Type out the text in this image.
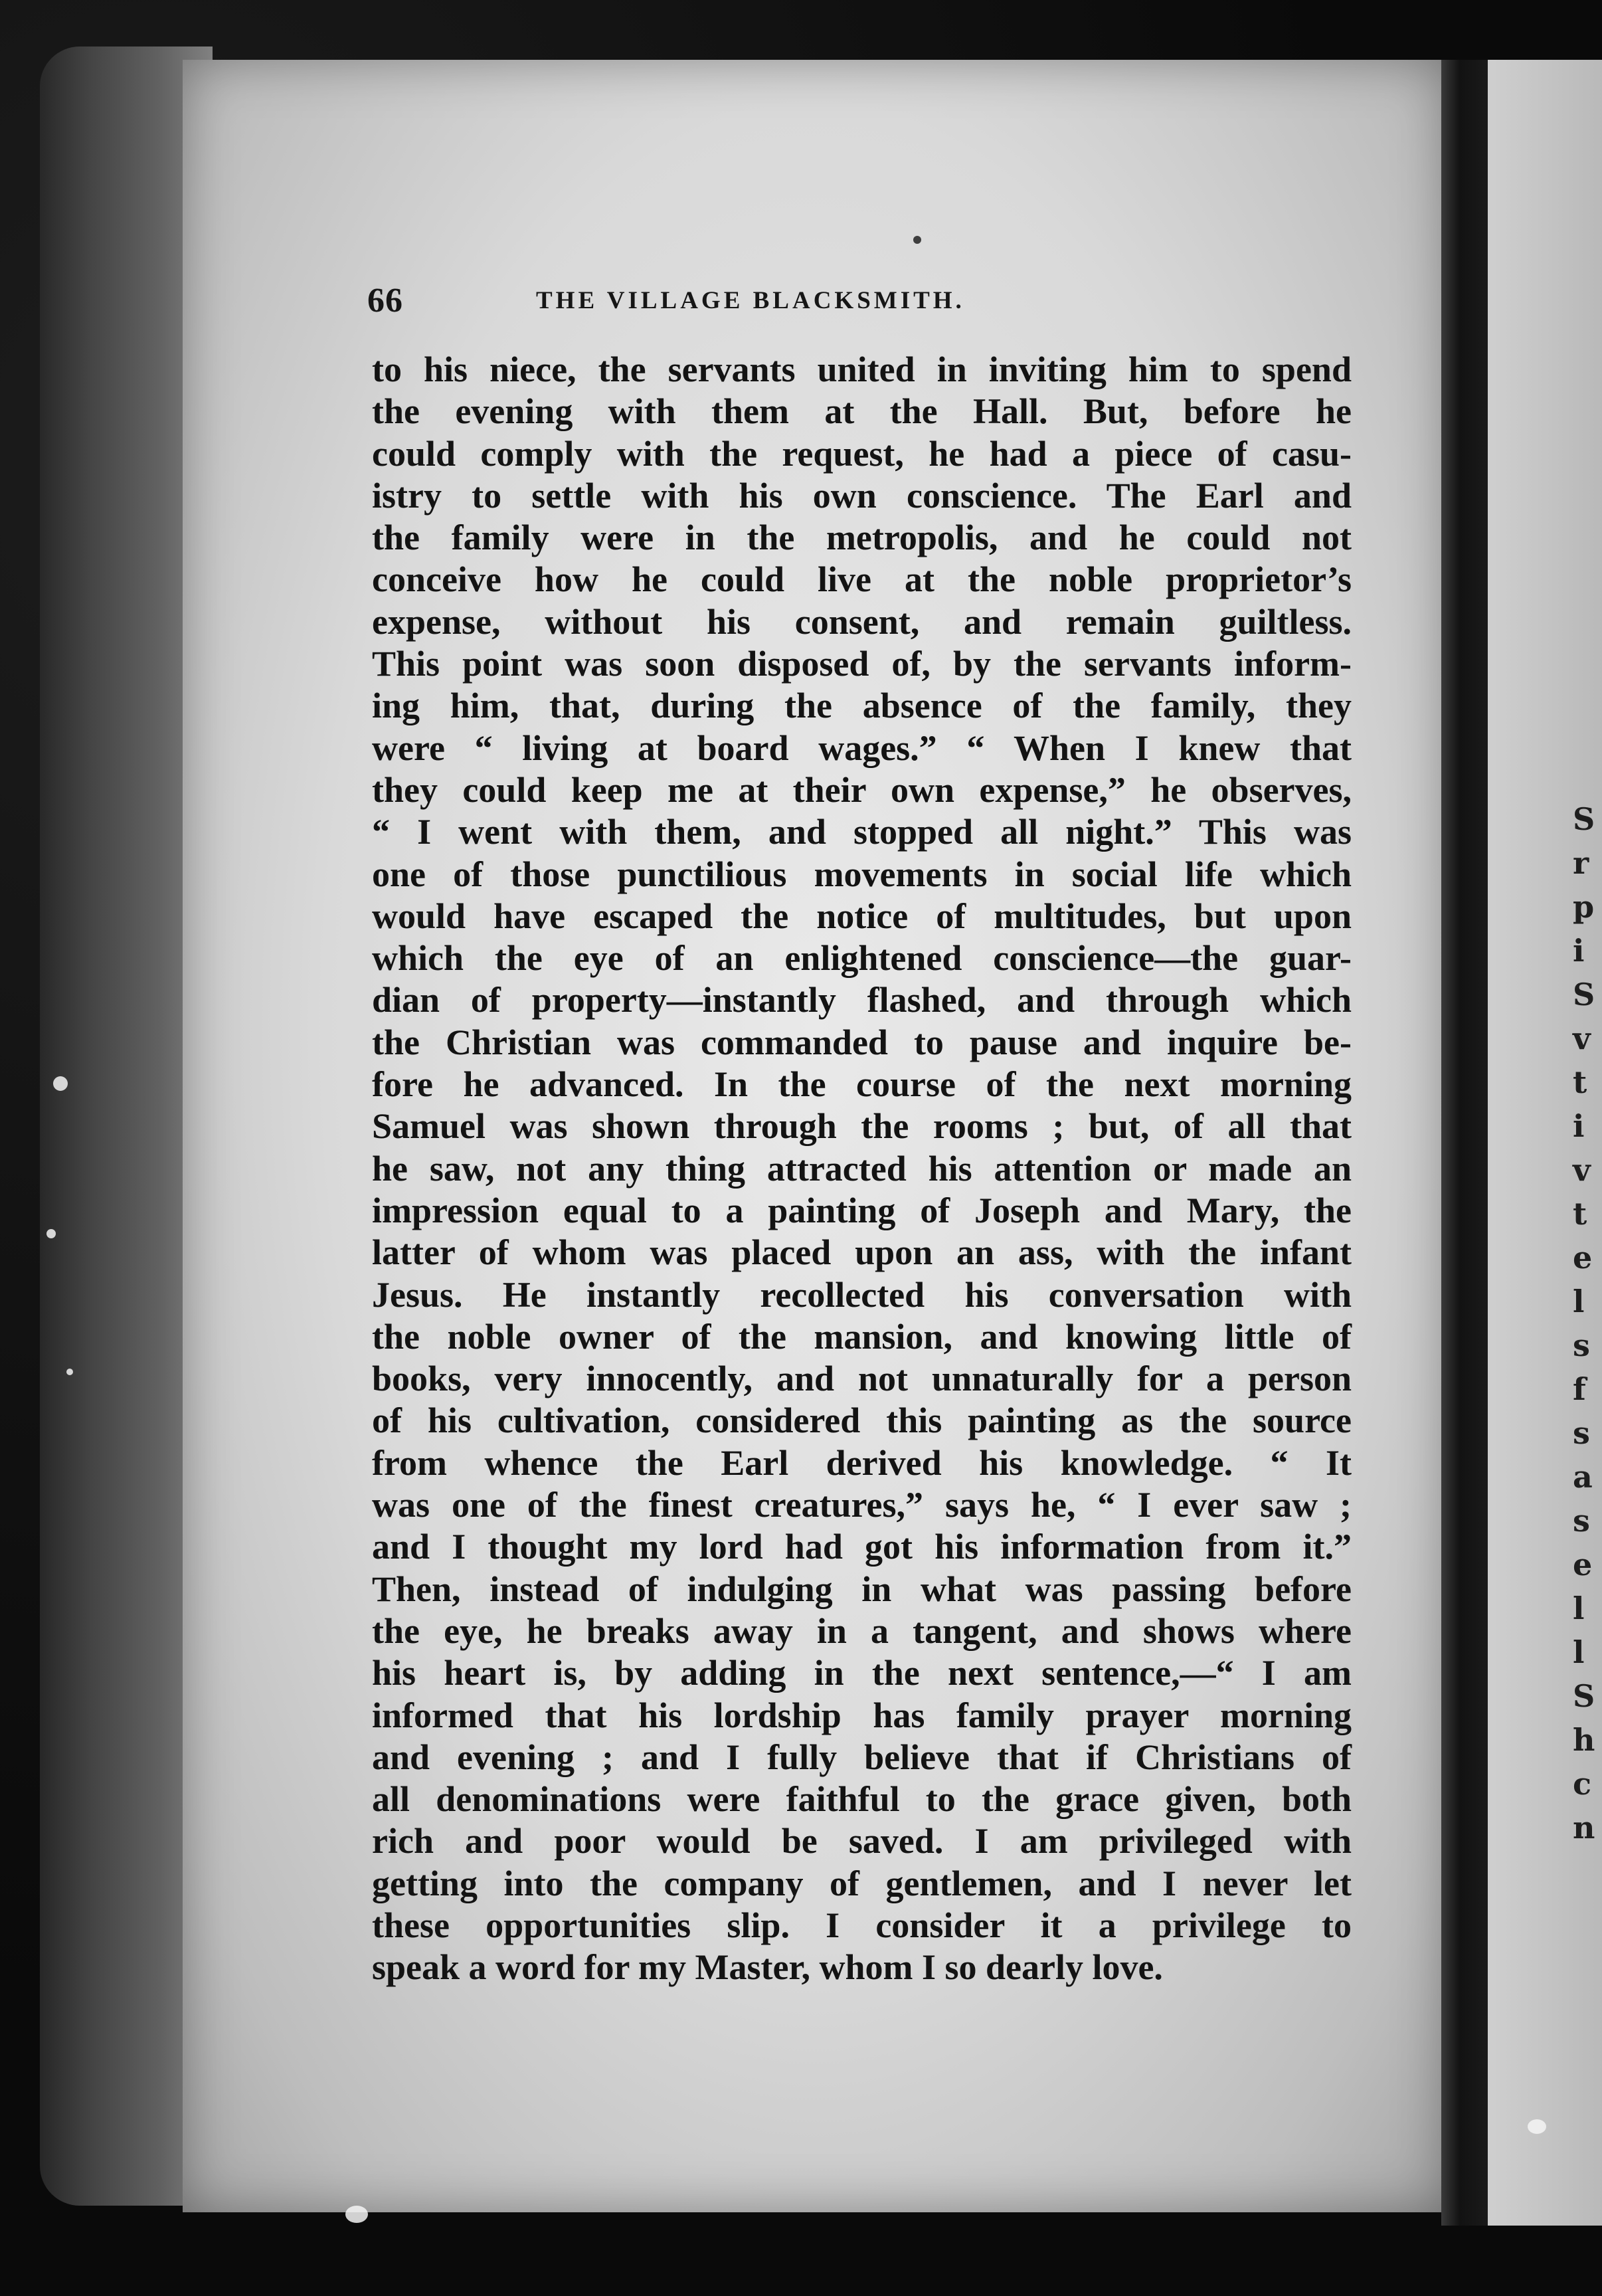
S
r
p
i
S
v
t
i
v
t
e
l
s
f
s
a
s
e
l
l
S
h
c
n
66	THE VILLAGE BLACKSMITH.
to his niece, the servants united in inviting him to spend
the evening with them at the Hall. But, before he
could comply with the request, he had a piece of casu-
istry to settle with his own conscience. The Earl and
the family were in the metropolis, and he could not
conceive how he could live at the noble proprietor’s
expense, without his consent, and remain guiltless.
This point was soon disposed of, by the servants inform-
ing him, that, during the absence of the family, they
were “ living at board wages.” “ When I knew that
they could keep me at their own expense,” he observes,
“ I went with them, and stopped all night.” This was
one of those punctilious movements in social life which
would have escaped the notice of multitudes, but upon
which the eye of an enlightened conscience—the guar-
dian of property—instantly flashed, and through which
the Christian was commanded to pause and inquire be-
fore he advanced. In the course of the next morning
Samuel was shown through the rooms ; but, of all that
he saw, not any thing attracted his attention or made an
impression equal to a painting of Joseph and Mary, the
latter of whom was placed upon an ass, with the infant
Jesus. He instantly recollected his conversation with
the noble owner of the mansion, and knowing little of
books, very innocently, and not unnaturally for a person
of his cultivation, considered this painting as the source
from whence the Earl derived his knowledge. “ It
was one of the finest creatures,” says he, “ I ever saw ;
and I thought my lord had got his information from it.”
Then, instead of indulging in what was passing before
the eye, he breaks away in a tangent, and shows where
his heart is, by adding in the next sentence,—“ I am
informed that his lordship has family prayer morning
and evening ; and I fully believe that if Christians of
all denominations were faithful to the grace given, both
rich and poor would be saved. I am privileged with
getting into the company of gentlemen, and I never let
these opportunities slip. I consider it a privilege to
speak a word for my Master, whom I so dearly love.
